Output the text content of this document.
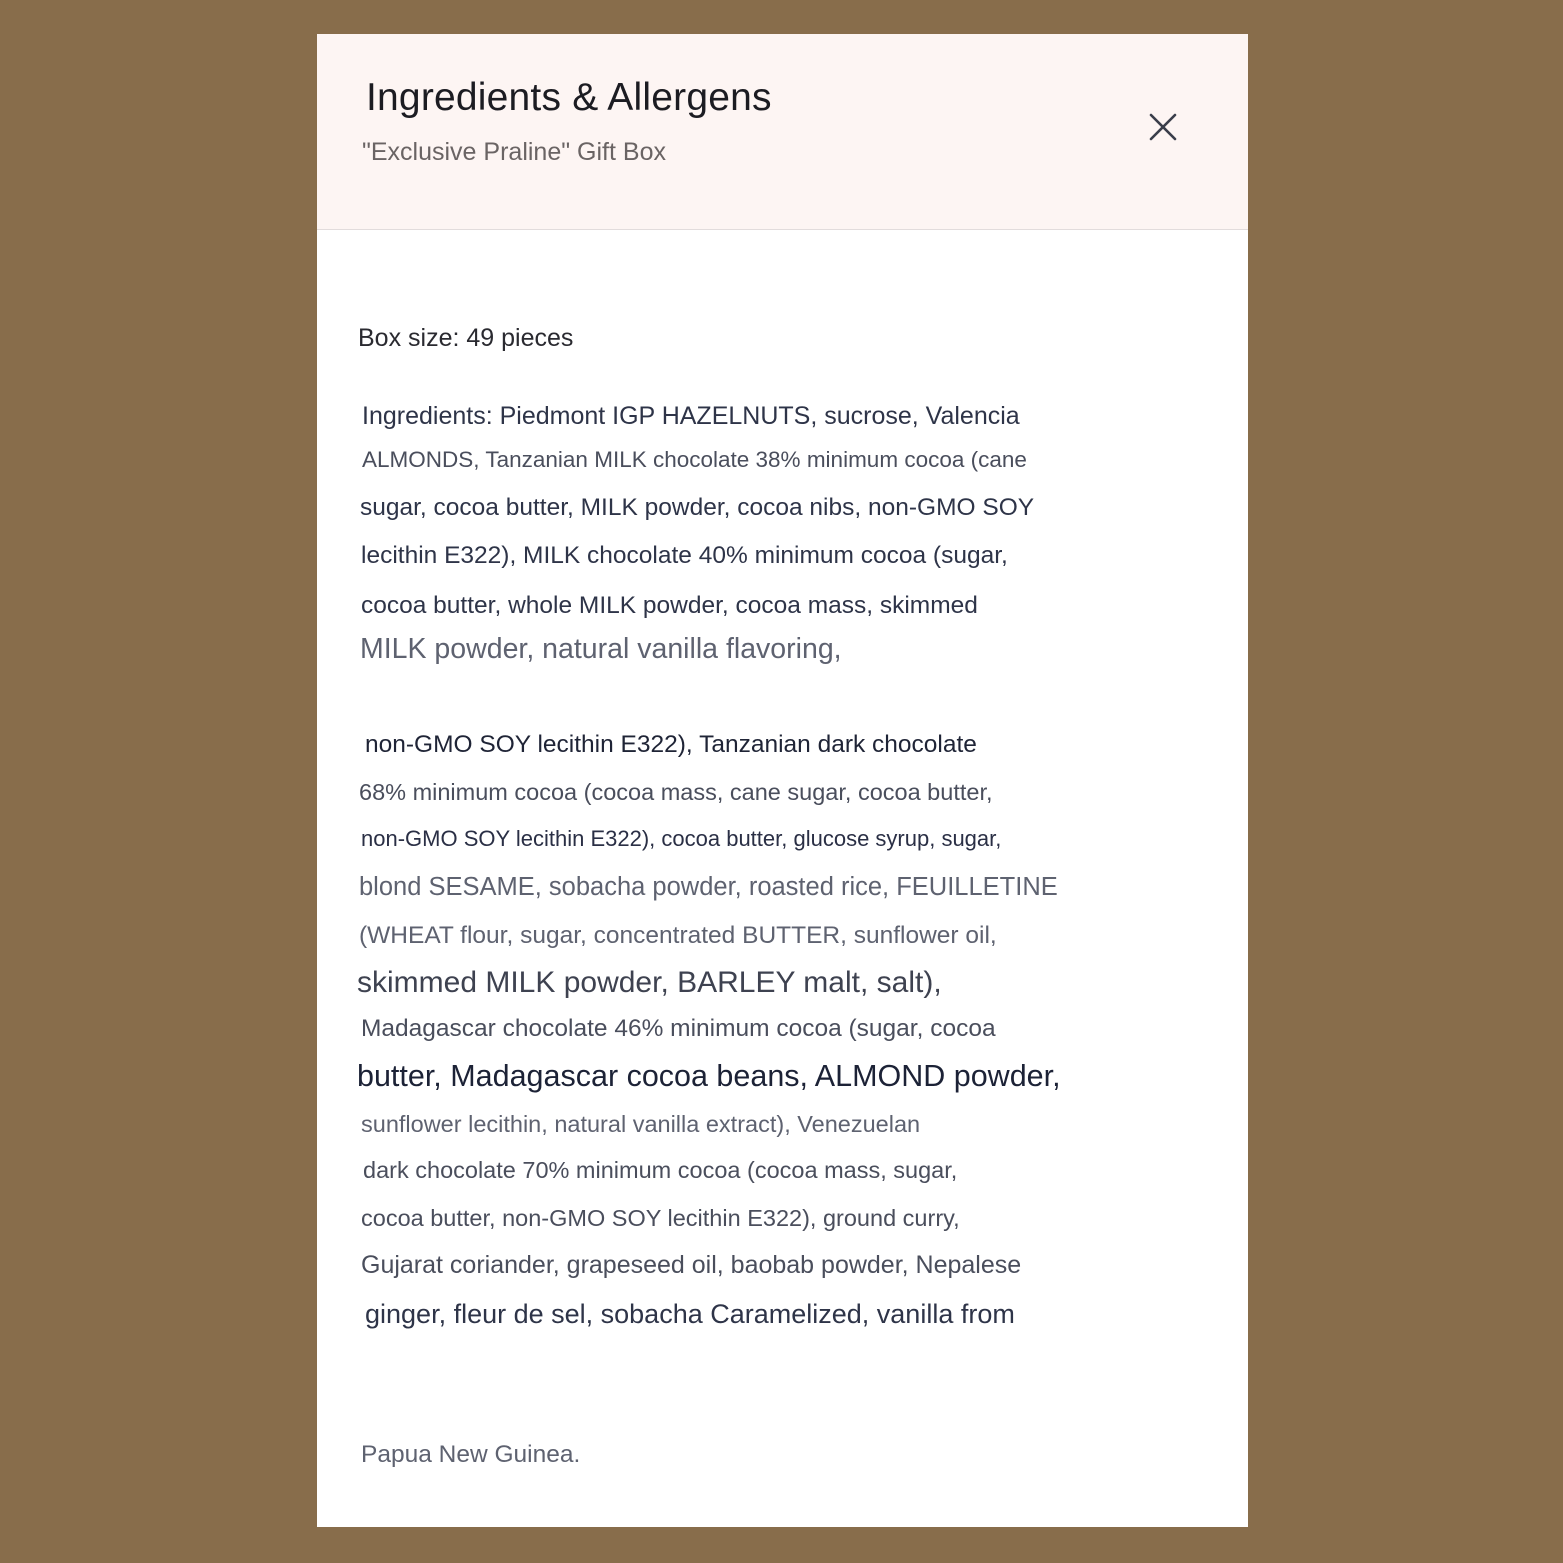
Ingredients & Allergens
"Exclusive Praline" Gift Box
Box size: 49 pieces
Ingredients: Piedmont IGP HAZELNUTS, sucrose, Valencia
ALMONDS, Tanzanian MILK chocolate 38% minimum cocoa (cane
sugar, cocoa butter, MILK powder, cocoa nibs, non-GMO SOY
lecithin E322), MILK chocolate 40% minimum cocoa (sugar,
cocoa butter, whole MILK powder, cocoa mass, skimmed
MILK powder, natural vanilla flavoring,
non-GMO SOY lecithin E322), Tanzanian dark chocolate
68% minimum cocoa (cocoa mass, cane sugar, cocoa butter,
non-GMO SOY lecithin E322), cocoa butter, glucose syrup, sugar,
blond SESAME, sobacha powder, roasted rice, FEUILLETINE
(WHEAT flour, sugar, concentrated BUTTER, sunflower oil,
skimmed MILK powder, BARLEY malt, salt),
Madagascar chocolate 46% minimum cocoa (sugar, cocoa
butter, Madagascar cocoa beans, ALMOND powder,
sunflower lecithin, natural vanilla extract), Venezuelan
dark chocolate 70% minimum cocoa (cocoa mass, sugar,
cocoa butter, non-GMO SOY lecithin E322), ground curry,
Gujarat coriander, grapeseed oil, baobab powder, Nepalese
ginger, fleur de sel, sobacha Caramelized, vanilla from
Papua New Guinea.
